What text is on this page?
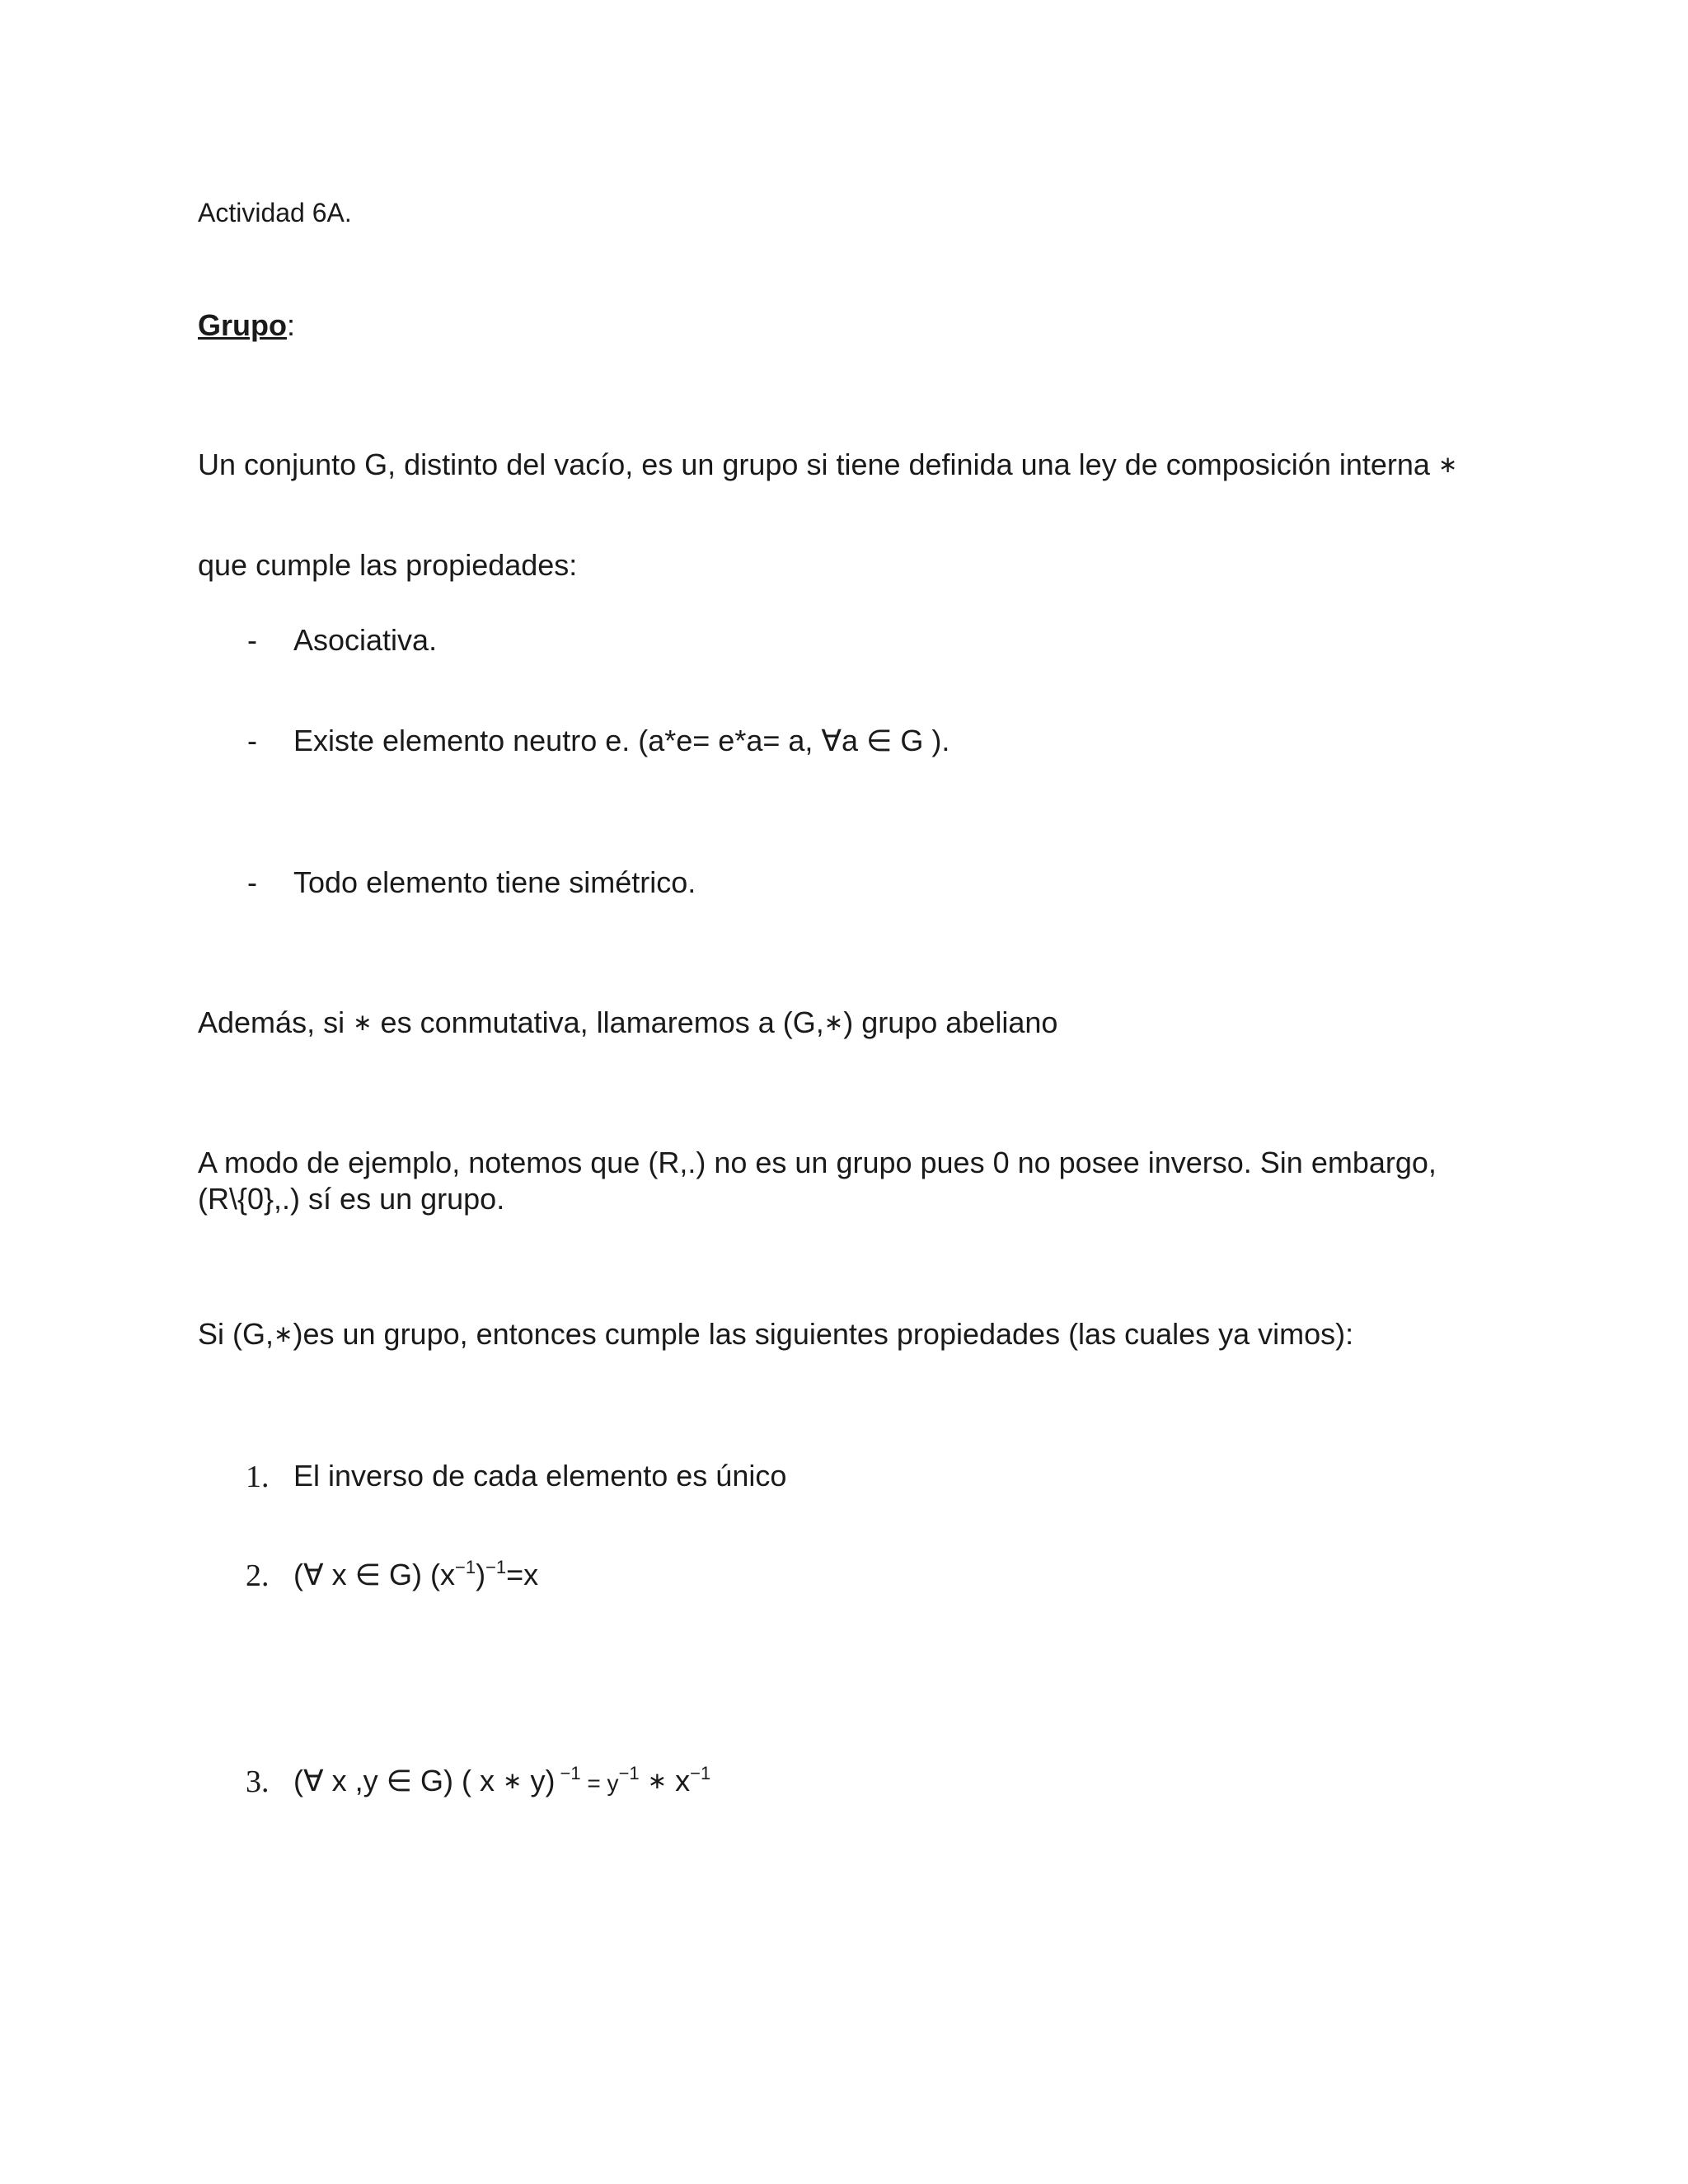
Actividad 6A.
Grupo:
Un conjunto G, distinto del vacío, es un grupo si tiene definida una ley de composición interna ∗
que cumple las propiedades:
- Asociativa.
- Existe elemento neutro e. (a*e= e*a= a, ∀a ∈ G ).
- Todo elemento tiene simétrico.
Además, si ∗ es conmutativa, llamaremos a (G,∗) grupo abeliano
A modo de ejemplo, notemos que (R,.) no es un grupo pues 0 no posee inverso. Sin embargo,
(R\{0},.) sí es un grupo.
Si (G,∗)es un grupo, entonces cumple las siguientes propiedades (las cuales ya vimos):
1. El inverso de cada elemento es único
2. (∀ x ∈ G) $(x^{-1})^{-1}=x$
3. (∀ x ,y ∈ G) ( x ∗ y) $^{-1} = y^{-1}$ ∗ $x^{-1}$
